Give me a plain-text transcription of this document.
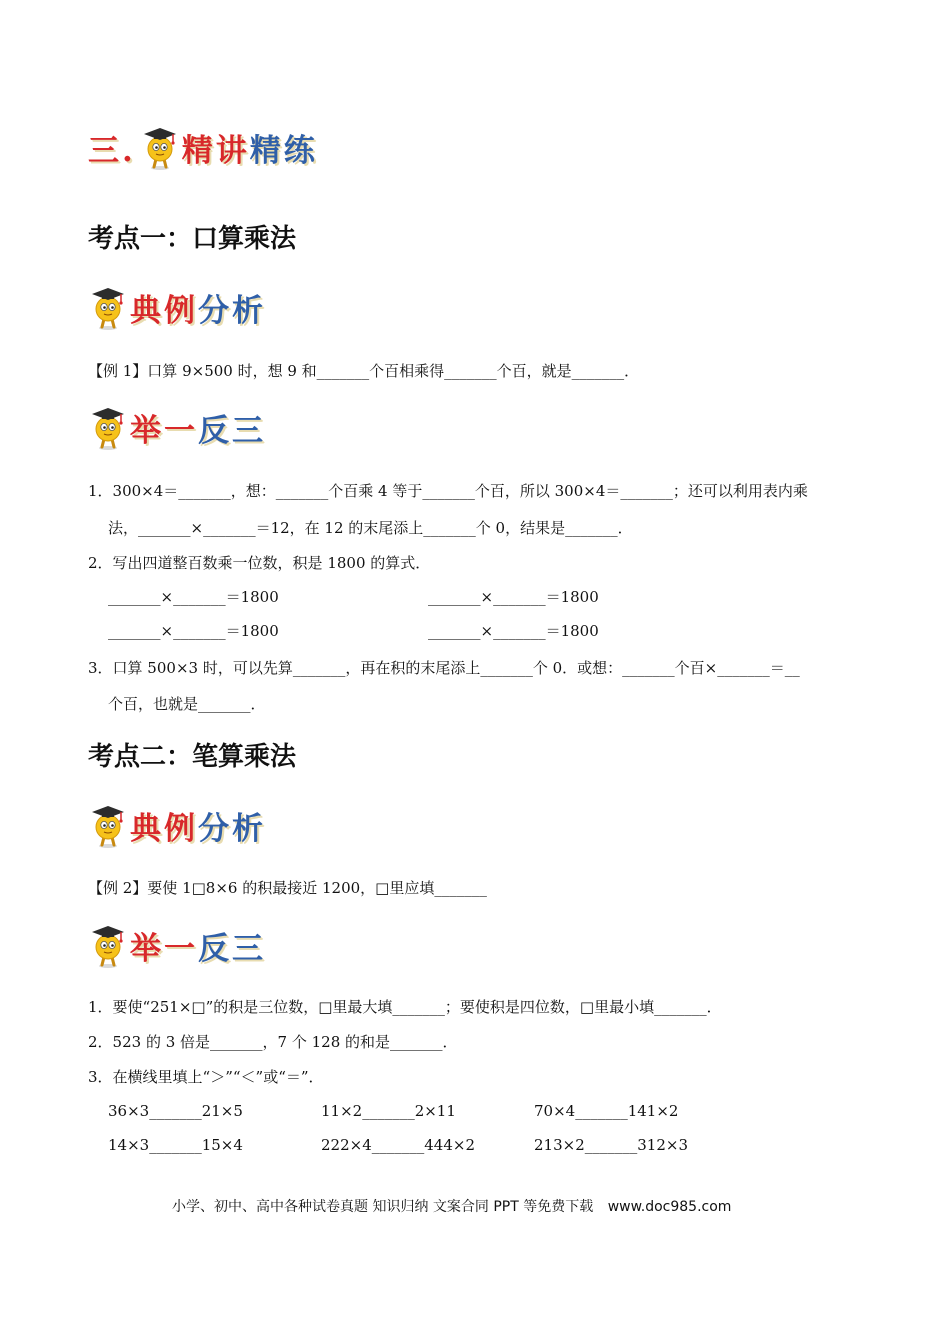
三. 精讲 精练
考点一：口算乘法
典例 分析
【例 1】口算 9×500 时，想 9 和_______个百相乘得_______个百，就是_______．
举一 反三
1．300×4＝_______，想：_______个百乘 4 等于_______个百，所以 300×4＝_______；还可以利用表内乘
法，_______×_______＝12，在 12 的末尾添上_______个 0，结果是_______．
2．写出四道整百数乘一位数，积是 1800 的算式．
_______×_______＝1800	_______×_______＝1800
_______×_______＝1800	_______×_______＝1800
3．口算 500×3 时，可以先算_______，再在积的末尾添上_______个 0．或想：_______个百×_______＝__
个百，也就是_______．
考点二：笔算乘法
典例 分析
【例 2】要使 1□8×6 的积最接近 1200，□里应填_______
举一 反三
1．要使“251×□”的积是三位数，□里最大填_______；要使积是四位数，□里最小填_______．
2．523 的 3 倍是_______，7 个 128 的和是_______．
3．在横线里填上“＞”“＜”或“＝”．
36×3_______21×5	11×2_______2×11	70×4_______141×2
14×3_______15×4	222×4_______444×2	213×2_______312×3
小学、初中、高中各种试卷真题 知识归纳 文案合同 PPT 等免费下载 www.doc985.com
